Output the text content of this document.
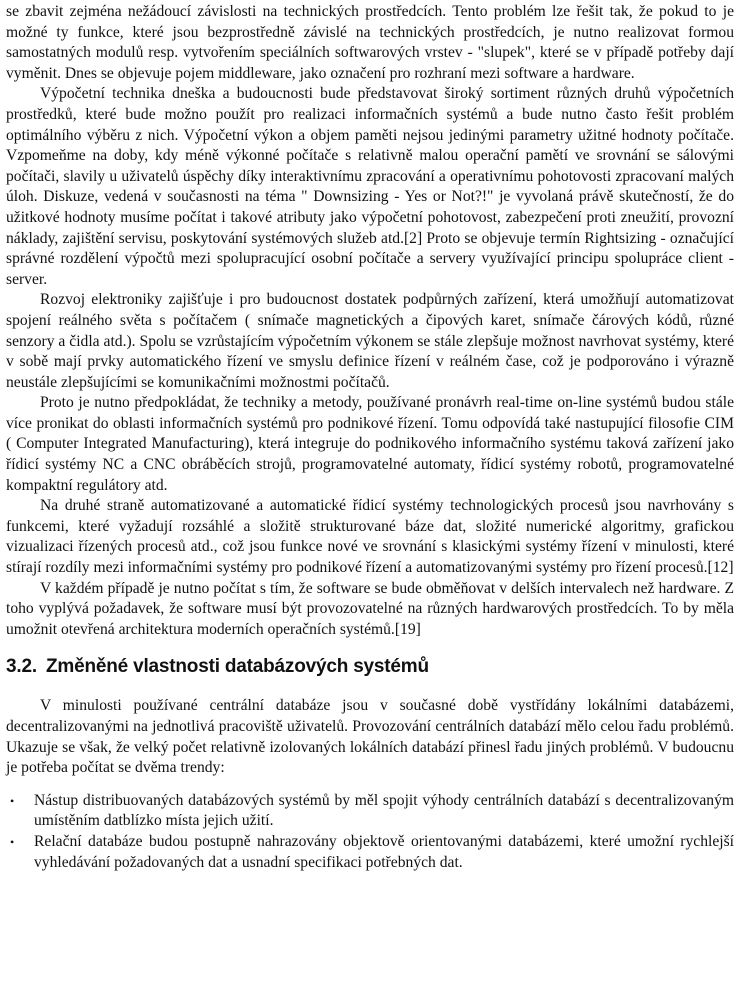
se zbavit zejména nežádoucí závislosti na technických prostředcích. Tento problém lze řešit tak, že pokud to je možné ty funkce, které jsou bezprostředně závislé na technických prostředcích, je nutno realizovat formou samostatných modulů resp. vytvořením speciálních softwarových vrstev - "slupek", které se v případě potřeby dají vyměnit. Dnes se objevuje pojem middleware, jako označení pro rozhraní mezi software a hardware.

Výpočetní technika dneška a budoucnosti bude představovat široký sortiment různých druhů výpočetních prostředků, které bude možno použít pro realizaci informačních systémů a bude nutno často řešit problém optimálního výběru z nich. Výpočetní výkon a objem paměti nejsou jedinými parametry užitné hodnoty počítače. Vzpomeňme na doby, kdy méně výkonné počítače s relativně malou operační pamětí ve srovnání se sálovými počítači, slavily u uživatelů úspěchy díky interaktivnímu zpracování a operativnímu pohotovosti zpracovaní malých úloh. Diskuze, vedená v současnosti na téma " Downsizing - Yes or Not?!" je vyvolaná právě skutečností, že do užitkové hodnoty musíme počítat i takové atributy jako výpočetní pohotovost, zabezpečení proti zneužití, provozní náklady, zajištění servisu, poskytování systémových služeb atd.[2] Proto se objevuje termín Rightsizing - označující správné rozdělení výpočtů mezi spolupracující osobní počítače a servery využívající principu spolupráce client - server.

Rozvoj elektroniky zajišťuje i pro budoucnost dostatek podpůrných zařízení, která umožňují automatizovat spojení reálného světa s počítačem ( snímače magnetických a čipových karet, snímače čárových kódů, různé senzory a čidla atd.). Spolu se vzrůstajícím výpočetním výkonem se stále zlepšuje možnost navrhovat systémy, které v sobě mají prvky automatického řízení ve smyslu definice řízení v reálném čase, což je podporováno i výrazně neustále zlepšujícími se komunikačními možnostmi počítačů.

Proto je nutno předpokládat, že techniky a metody, používané pronávrh real-time on-line systémů budou stále více pronikat do oblasti informačních systémů pro podnikové řízení. Tomu odpovídá také nastupující filosofie CIM ( Computer Integrated Manufacturing), která integruje do podnikového informačního systému taková zařízení jako řídicí systémy NC a CNC obráběcích strojů, programovatelné automaty, řídicí systémy robotů, programovatelné kompaktní regulátory atd.

Na druhé straně automatizované a automatické řídicí systémy technologických procesů jsou navrhovány s funkcemi, které vyžadují rozsáhlé a složitě strukturované báze dat, složité numerické algoritmy, grafickou vizualizaci řízených procesů atd., což jsou funkce nové ve srovnání s klasickými systémy řízení v minulosti, které stírají rozdíly mezi informačními systémy pro podnikové řízení a automatizovanými systémy pro řízení procesů.[12]

V každém případě je nutno počítat s tím, že software se bude obměňovat v delších intervalech než hardware. Z toho vyplývá požadavek, že software musí být provozovatelné na různých hardwarových prostředcích. To by měla umožnit otevřená architektura moderních operačních systémů.[19]

3.2. Změněné vlastnosti databázových systémů

V minulosti používané centrální databáze jsou v současné době vystřídány lokálními databázemi, decentralizovanými na jednotlivá pracoviště uživatelů. Provozování centrálních databází mělo celou řadu problémů. Ukazuje se však, že velký počet relativně izolovaných lokálních databází přinesl řadu jiných problémů. V budoucnu je potřeba počítat se dvěma trendy:

• Nástup distribuovaných databázových systémů by měl spojit výhody centrálních databází s decentralizovaným umístěním datblízko místa jejich užití.
• Relační databáze budou postupně nahrazovány objektově orientovanými databázemi, které umožní rychlejší vyhledávání požadovaných dat a usnadní specifikaci potřebných dat.
